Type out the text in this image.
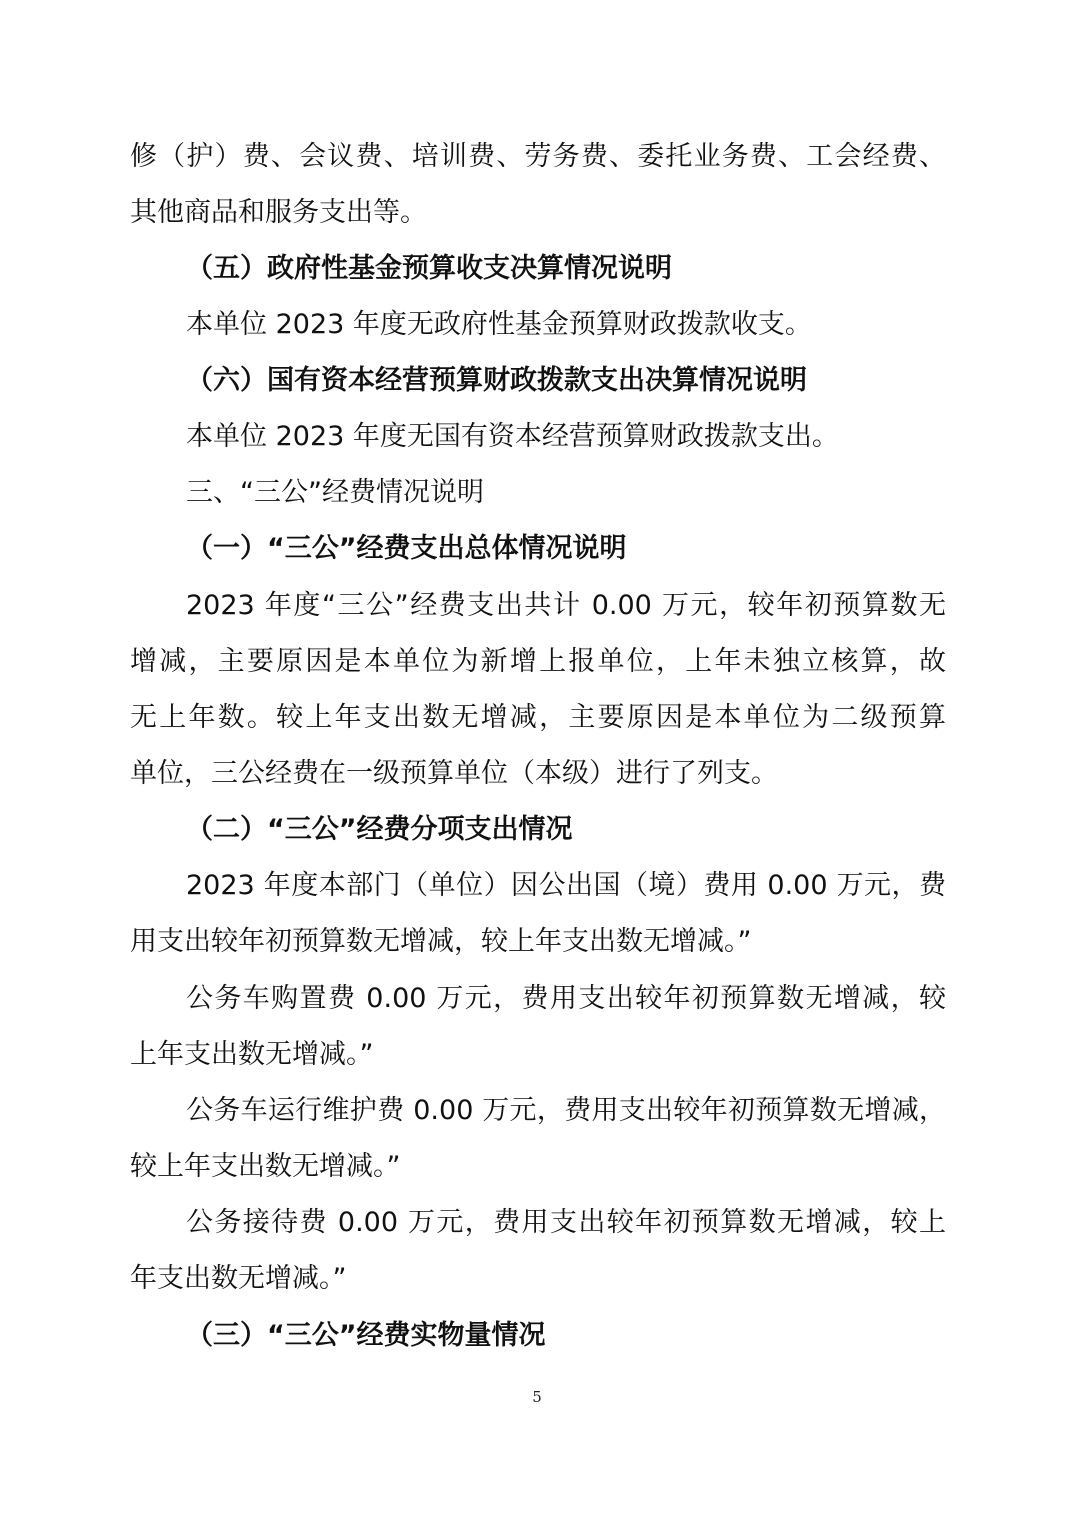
修（护）费、会议费、培训费、劳务费、委托业务费、工会经费、
其他商品和服务支出等。
（五）政府性基金预算收支决算情况说明
本单位 2023 年度无政府性基金预算财政拨款收支。
（六）国有资本经营预算财政拨款支出决算情况说明
本单位 2023 年度无国有资本经营预算财政拨款支出。
三、“三公”经费情况说明
（一）“三公”经费支出总体情况说明
2023 年度“三公”经费支出共计 0.00 万元，较年初预算数无
增减，主要原因是本单位为新增上报单位，上年未独立核算，故
无上年数。较上年支出数无增减，主要原因是本单位为二级预算
单位，三公经费在一级预算单位（本级）进行了列支。
（二）“三公”经费分项支出情况
2023 年度本部门（单位）因公出国（境）费用 0.00 万元，费
用支出较年初预算数无增减，较上年支出数无增减。”
公务车购置费 0.00 万元，费用支出较年初预算数无增减，较
上年支出数无增减。”
公务车运行维护费 0.00 万元，费用支出较年初预算数无增减，
较上年支出数无增减。”
公务接待费 0.00 万元，费用支出较年初预算数无增减，较上
年支出数无增减。”
（三）“三公”经费实物量情况
5
